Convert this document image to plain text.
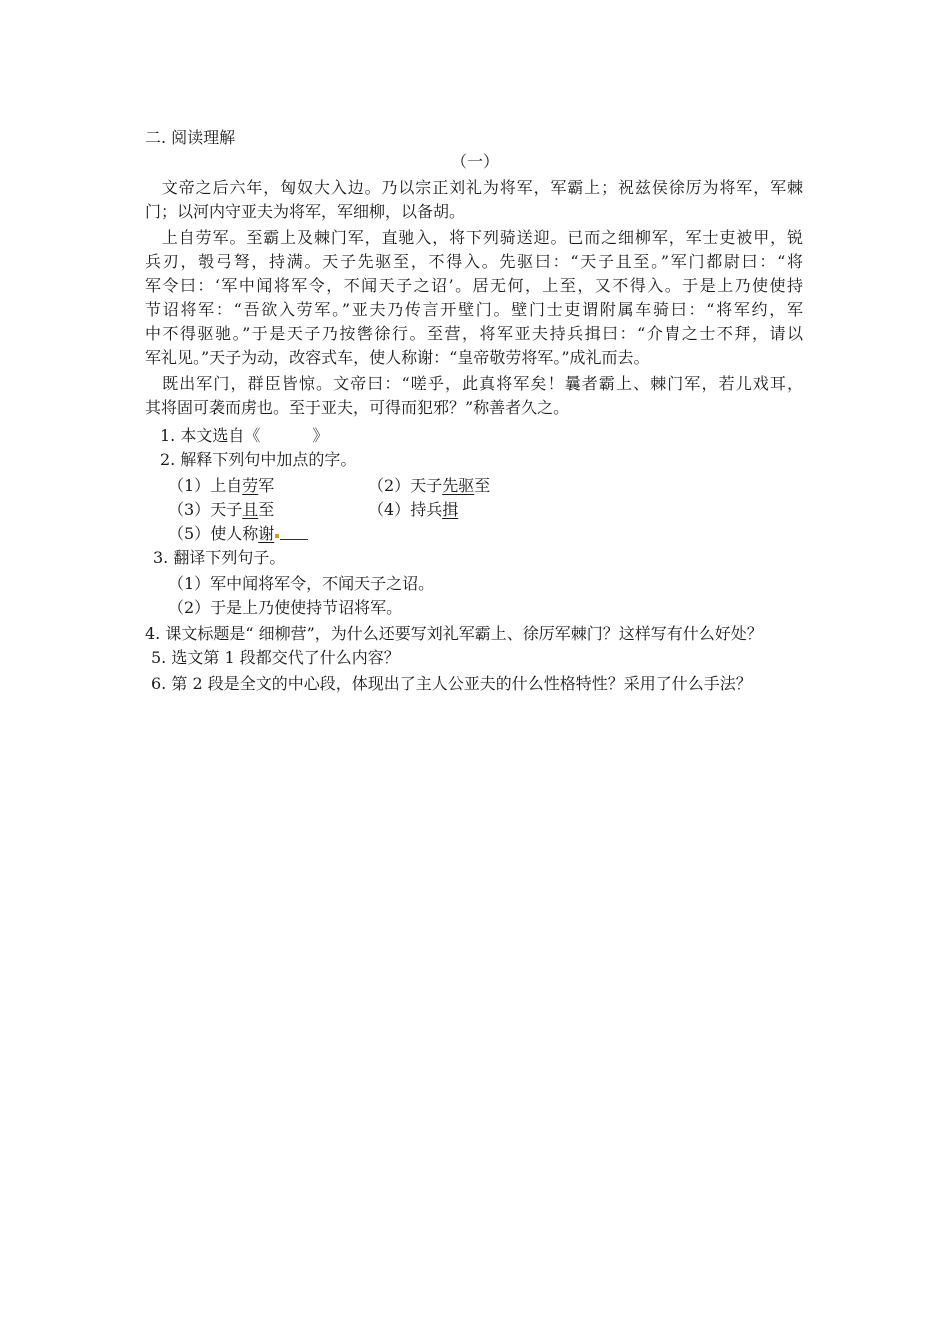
二. 阅读理解
（一）
　文帝之后六年，匈奴大入边。乃以宗正刘礼为将军，军霸上；祝兹侯徐厉为将军，军棘
门；以河内守亚夫为将军，军细柳，以备胡。
　上自劳军。至霸上及棘门军，直驰入，将下列骑送迎。已而之细柳军，军士吏被甲，锐
兵刃，彀弓弩，持满。天子先驱至，不得入。先驱曰：“天子且至。”军门都尉曰：“将
军令曰：‘军中闻将军令，不闻天子之诏’。居无何，上至，又不得入。于是上乃使使持
节诏将军：“吾欲入劳军。”亚夫乃传言开壁门。壁门士吏谓附属车骑曰：“将军约，军
中不得驱驰。”于是天子乃按辔徐行。至营，将军亚夫持兵揖曰：“介胄之士不拜，请以
军礼见。”天子为动，改容式车，使人称谢：“皇帝敬劳将军。”成礼而去。
　既出军门，群臣皆惊。文帝曰：“嗟乎，此真将军矣！曩者霸上、棘门军，若儿戏耳，
其将固可袭而虏也。至于亚夫，可得而犯邪？”称善者久之。
1. 本文选自《	》
2. 解释下列句中加点的字。
（1）上自劳军	（2）天子先驱至
（3）天子且至	（4）持兵揖
（5）使人称谢
3. 翻译下列句子。
（1）军中闻将军令，不闻天子之诏。
（2）于是上乃使使持节诏将军。
4. 课文标题是“ 细柳营”，为什么还要写刘礼军霸上、徐厉军棘门？这样写有什么好处？
5. 选文第 1 段都交代了什么内容？
6. 第 2 段是全文的中心段，体现出了主人公亚夫的什么性格特性？采用了什么手法？
